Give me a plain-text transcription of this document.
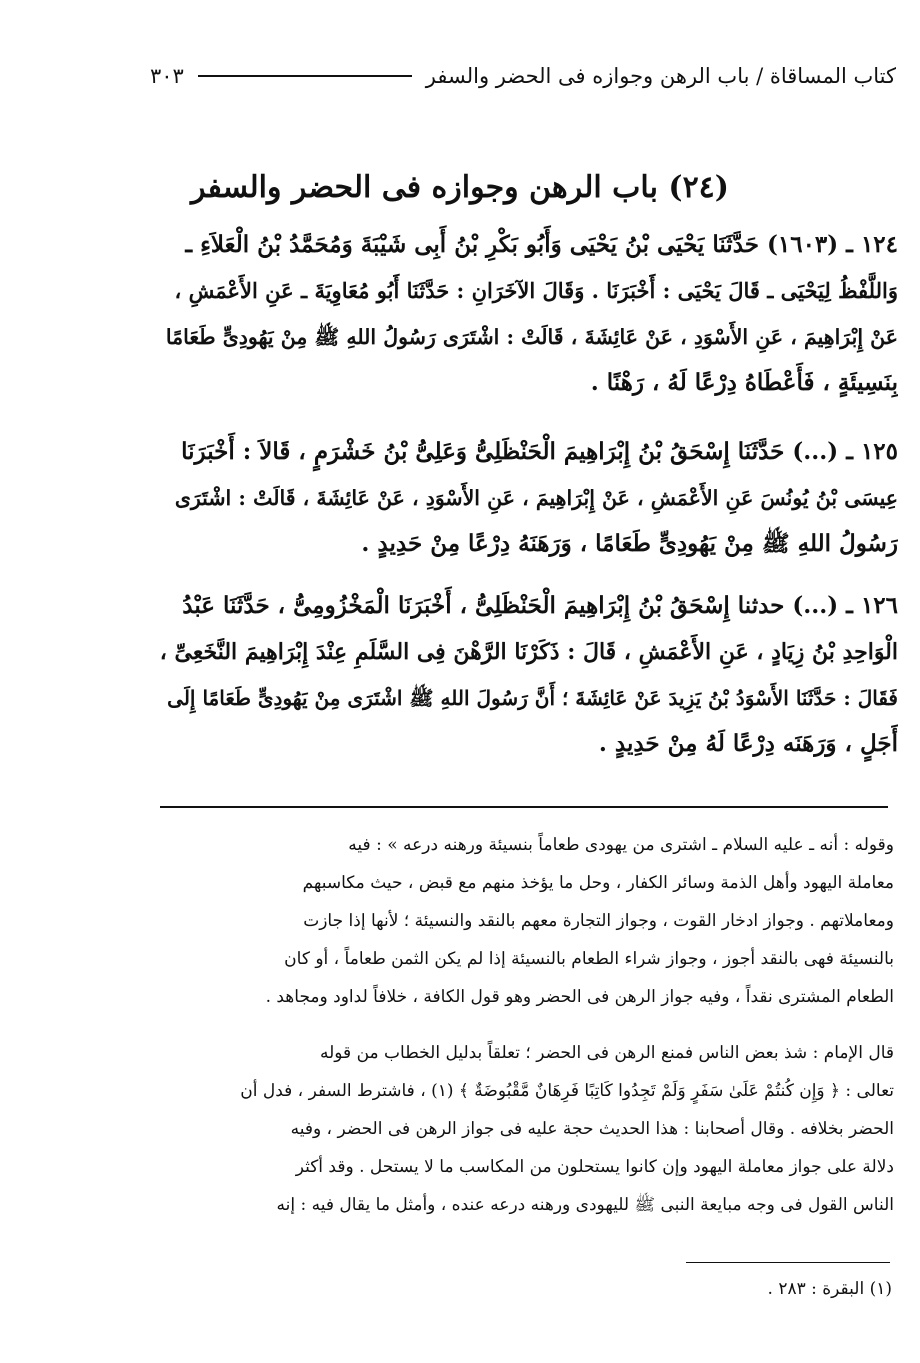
كتاب المساقاة / باب الرهن وجوازه فى الحضر والسفر
٣٠٣
(٢٤) باب الرهن وجوازه فى الحضر والسفر
١٢٤ ـ (١٦٠٣) حَدَّثَنَا يَحْيَى بْنُ يَحْيَى وَأَبُو بَكْرِ بْنُ أَبِى شَيْبَةَ وَمُحَمَّدُ بْنُ الْعَلاَءِ ـ
وَاللَّفْظُ لِيَحْيَى ـ قَالَ يَحْيَى : أَخْبَرَنَا . وَقَالَ الآخَرَانِ : حَدَّثَنَا أَبُو مُعَاوِيَةَ ـ عَنِ الأَعْمَشِ ،
عَنْ إِبْرَاهِيمَ ، عَنِ الأَسْوَدِ ، عَنْ عَائِشَةَ ، قَالَتْ : اشْتَرَى رَسُولُ اللهِ ﷺ مِنْ يَهُودِىٍّ طَعَامًا
بِنَسِيئَةٍ ، فَأَعْطَاهُ دِرْعًا لَهُ ، رَهْنًا .
١٢٥ ـ (...) حَدَّثَنَا إِسْحَقُ بْنُ إِبْرَاهِيمَ الْحَنْظَلِىُّ وَعَلِىُّ بْنُ خَشْرَمٍ ، قَالاَ : أَخْبَرَنَا
عِيسَى بْنُ يُونُسَ عَنِ الأَعْمَشِ ، عَنْ إِبْرَاهِيمَ ، عَنِ الأَسْوَدِ ، عَنْ عَائِشَةَ ، قَالَتْ : اشْتَرَى
رَسُولُ اللهِ ﷺ مِنْ يَهُودِىٍّ طَعَامًا ، وَرَهَنَهُ دِرْعًا مِنْ حَدِيدٍ .
١٢٦ ـ (...) حدثنا إِسْحَقُ بْنُ إِبْرَاهِيمَ الْحَنْظَلِىُّ ، أَخْبَرَنَا الْمَخْزُومِىُّ ، حَدَّثَنَا عَبْدُ
الْوَاحِدِ بْنُ زِيَادٍ ، عَنِ الأَعْمَشِ ، قَالَ : ذَكَرْنَا الرَّهْنَ فِى السَّلَمِ عِنْدَ إِبْرَاهِيمَ النَّخَعِىِّ ،
فَقَالَ : حَدَّثَنَا الأَسْوَدُ بْنُ يَزِيدَ عَنْ عَائِشَةَ ؛ أَنَّ رَسُولَ اللهِ ﷺ اشْتَرَى مِنْ يَهُودِىٍّ طَعَامًا إِلَى
أَجَلٍ ، وَرَهَنَه دِرْعًا لَهُ مِنْ حَدِيدٍ .
وقوله : أنه ـ عليه السلام ـ اشترى من يهودى طعاماً بنسيئة ورهنه درعه » : فيه
معاملة اليهود وأهل الذمة وسائر الكفار ، وحل ما يؤخذ منهم مع قبض ، حيث مكاسبهم
ومعاملاتهم . وجواز ادخار القوت ، وجواز التجارة معهم بالنقد والنسيئة ؛ لأنها إذا جازت
بالنسيئة فهى بالنقد أجوز ، وجواز شراء الطعام بالنسيئة إذا لم يكن الثمن طعاماً ، أو كان
الطعام المشترى نقداً ، وفيه جواز الرهن فى الحضر وهو قول الكافة ، خلافاً لداود ومجاهد .
قال الإمام : شذ بعض الناس فمنع الرهن فى الحضر ؛ تعلقاً بدليل الخطاب من قوله
تعالى : ﴿ وَإِن كُنتُمْ عَلَىٰ سَفَرٍ وَلَمْ تَجِدُوا كَاتِبًا فَرِهَانٌ مَّقْبُوضَةٌ ﴾ (١) ، فاشترط السفر ، فدل أن
الحضر بخلافه . وقال أصحابنا : هذا الحديث حجة عليه فى جواز الرهن فى الحضر ، وفيه
دلالة على جواز معاملة اليهود وإن كانوا يستحلون من المكاسب ما لا يستحل . وقد أكثر
الناس القول فى وجه مبايعة النبى ﷺ لليهودى ورهنه درعه عنده ، وأمثل ما يقال فيه : إنه
(١) البقرة : ٢٨٣ .
